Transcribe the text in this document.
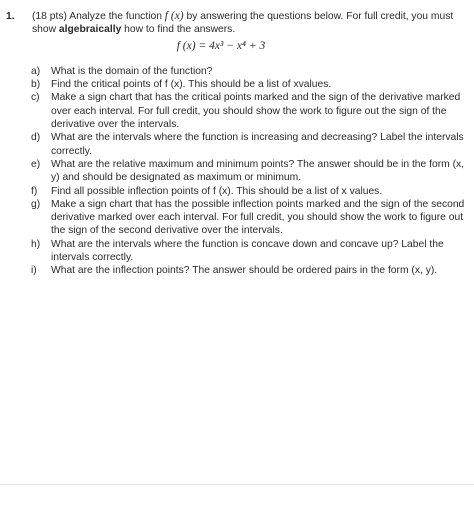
1.	(18 pts) Analyze the function f (x) by answering the questions below. For full credit, you must show algebraically how to find the answers.
f (x) = 4x³ − x⁴ + 3
a)	What is the domain of the function?
b)	Find the critical points of f (x). This should be a list of xvalues.
c)	Make a sign chart that has the critical points marked and the sign of the derivative marked over each interval. For full credit, you should show the work to figure out the sign of the derivative over the intervals.
d)	What are the intervals where the function is increasing and decreasing? Label the intervals correctly.
e)	What are the relative maximum and minimum points? The answer should be in the form (x, y) and should be designated as maximum or minimum.
f)	Find all possible inflection points of f (x). This should be a list of x values.
g)	Make a sign chart that has the possible inflection points marked and the sign of the second derivative marked over each interval. For full credit, you should show the work to figure out the sign of the second derivative over the intervals.
h)	What are the intervals where the function is concave down and concave up? Label the intervals correctly.
i)	What are the inflection points? The answer should be ordered pairs in the form (x, y).
